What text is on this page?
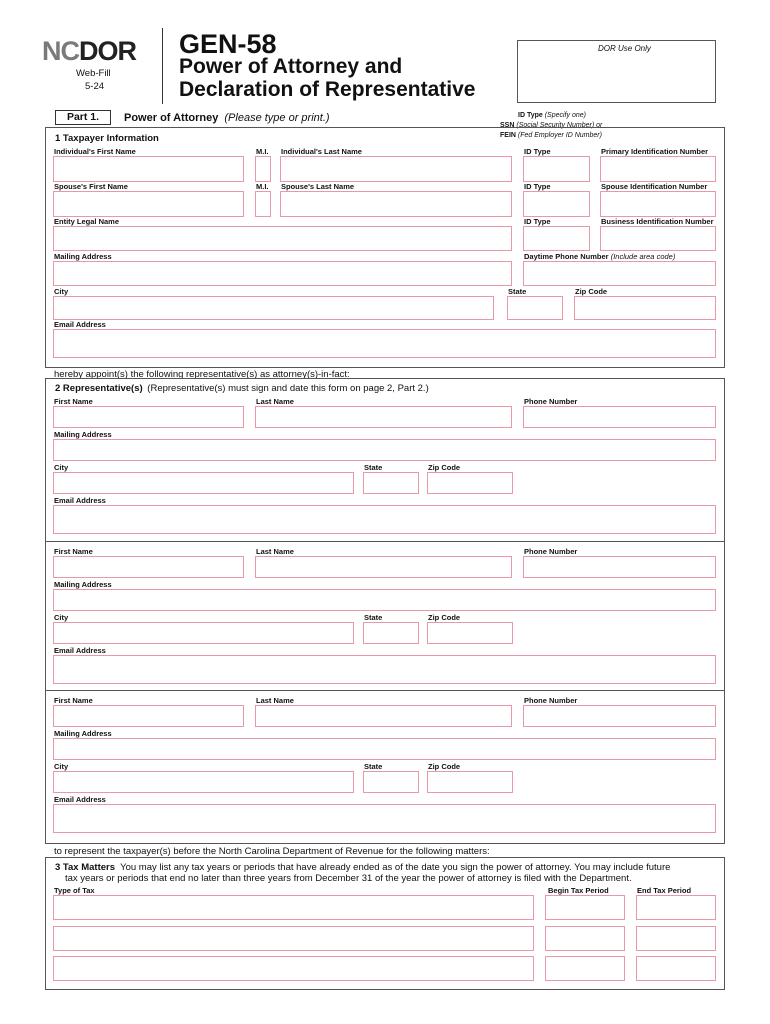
NCDOR
Web-Fill
5-24
GEN-58
Power of Attorney and
Declaration of Representative
DOR Use Only
ID Type (Specify one)
SSN (Social Security Number) or
FEIN (Fed Employer ID Number)
Part 1.	Power of Attorney (Please type or print.)
1 Taxpayer Information
Individual's First Name	M.I. Individual's Last Name	ID Type	Primary Identification Number
Spouse's First Name	M.I. Spouse's Last Name	ID Type	Spouse Identification Number
Entity Legal Name	ID Type	Business Identification Number
Mailing Address	Daytime Phone Number (Include area code)
City	State	Zip Code
Email Address
hereby appoint(s) the following representative(s) as attorney(s)-in-fact:
2 Representative(s) (Representative(s) must sign and date this form on page 2, Part 2.)
First Name	Last Name	Phone Number
Mailing Address
City	State	Zip Code
Email Address
First Name	Last Name	Phone Number
Mailing Address
City	State	Zip Code
Email Address
First Name	Last Name	Phone Number
Mailing Address
City	State	Zip Code
Email Address
to represent the taxpayer(s) before the North Carolina Department of Revenue for the following matters:
3 Tax Matters You may list any tax years or periods that have already ended as of the date you sign the power of attorney. You may include future
tax years or periods that end no later than three years from December 31 of the year the power of attorney is filed with the Department.
Type of Tax	Begin Tax Period	End Tax Period
